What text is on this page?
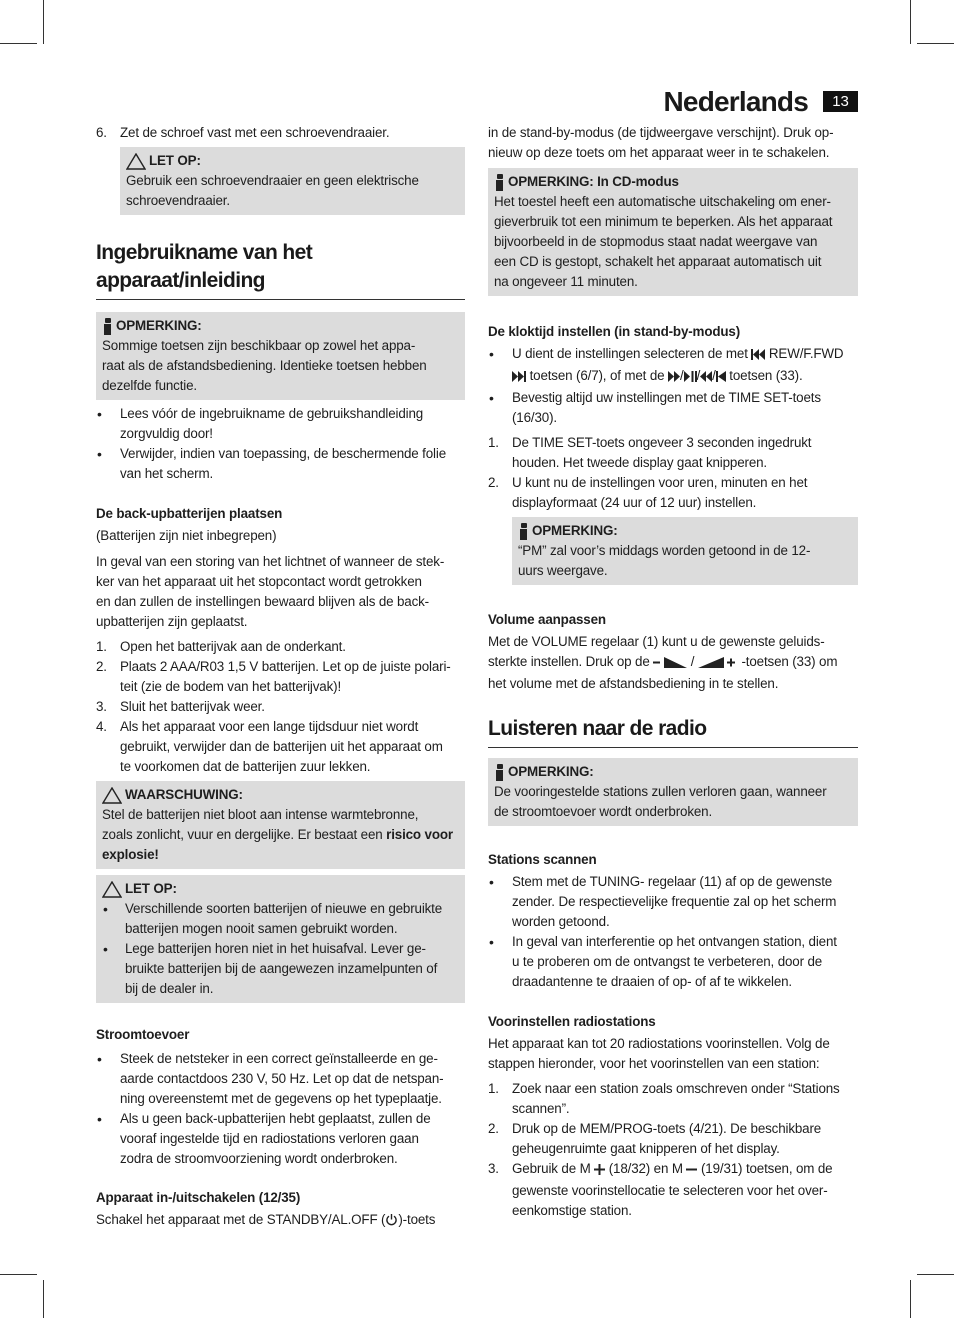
Nederlands	13
6. Zet de schroef vast met een schroevendraaier.
LET OP:
Gebruik een schroevendraaier en geen elektrische
schroevendraaier.
Ingebruikname van het apparaat/inleiding
OPMERKING:
Sommige toetsen zijn beschikbaar op zowel het appa-
raat als de afstandsbediening. Identieke toetsen hebben
dezelfde functie.
• Lees vóór de ingebruikname de gebruikshandleiding
zorgvuldig door!
• Verwijder, indien van toepassing, de beschermende folie
van het scherm.
De back-upbatterijen plaatsen
(Batterijen zijn niet inbegrepen)
In geval van een storing van het lichtnet of wanneer de stek-
ker van het apparaat uit het stopcontact wordt getrokken
en dan zullen de instellingen bewaard blijven als de back-
upbatterijen zijn geplaatst.
1. Open het batterijvak aan de onderkant.
2. Plaats 2 AAA/R03 1,5 V batterijen. Let op de juiste polari-
teit (zie de bodem van het batterijvak)!
3. Sluit het batterijvak weer.
4. Als het apparaat voor een lange tijdsduur niet wordt
gebruikt, verwijder dan de batterijen uit het apparaat om
te voorkomen dat de batterijen zuur lekken.
WAARSCHUWING:
Stel de batterijen niet bloot aan intense warmtebronne,
zoals zonlicht, vuur en dergelijke. Er bestaat een risico voor
explosie!
LET OP:
• Verschillende soorten batterijen of nieuwe en gebruikte
batterijen mogen nooit samen gebruikt worden.
• Lege batterijen horen niet in het huisafval. Lever ge-
bruikte batterijen bij de aangewezen inzamelpunten of
bij de dealer in.
Stroomtoevoer
• Steek de netsteker in een correct geïnstalleerde en ge-
aarde contactdoos 230 V, 50 Hz. Let op dat de netspan-
ning overeenstemt met de gegevens op het typeplaatje.
• Als u geen back-upbatterijen hebt geplaatst, zullen de
vooraf ingestelde tijd en radiostations verloren gaan
zodra de stroomvoorziening wordt onderbroken.
Apparaat in-/uitschakelen (12/35)
Schakel het apparaat met de STANDBY/AL.OFF ( )-toets
in de stand-by-modus (de tijdweergave verschijnt). Druk op-
nieuw op deze toets om het apparaat weer in te schakelen.
OPMERKING: In CD-modus
Het toestel heeft een automatische uitschakeling om ener-
gieverbruik tot een minimum te beperken. Als het apparaat
bijvoorbeeld in de stopmodus staat nadat weergave van
een CD is gestopt, schakelt het apparaat automatisch uit
na ongeveer 11 minuten.
De kloktijd instellen (in stand-by-modus)
• U dient de instellingen selecteren de met  REW/F.FWD
toetsen (6/7), of met de / / / toetsen (33).
• Bevestig altijd uw instellingen met de TIME SET-toets
(16/30).
1. De TIME SET-toets ongeveer 3 seconden ingedrukt
houden. Het tweede display gaat knipperen.
2. U kunt nu de instellingen voor uren, minuten en het
displayformaat (24 uur of 12 uur) instellen.
OPMERKING:
“PM” zal voor’s middags worden getoond in de 12-
uurs weergave.
Volume aanpassen
Met de VOLUME regelaar (1) kunt u de gewenste geluids-
sterkte instellen. Druk op de	/	-toetsen (33) om
het volume met de afstandsbediening in te stellen.
Luisteren naar de radio
OPMERKING:
De vooringestelde stations zullen verloren gaan, wanneer
de stroomtoevoer wordt onderbroken.
Stations scannen
• Stem met de TUNING- regelaar (11) af op de gewenste
zender. De respectievelijke frequentie zal op het scherm
worden getoond.
• In geval van interferentie op het ontvangen station, dient
u te proberen om de ontvangst te verbeteren, door de
draadantenne te draaien of op- of af te wikkelen.
Voorinstellen radiostations
Het apparaat kan tot 20 radiostations voorinstellen. Volg de
stappen hieronder, voor het voorinstellen van een station:
1. Zoek naar een station zoals omschreven onder “Stations
scannen”.
2. Druk op de MEM/PROG-toets (4/21). De beschikbare
geheugenruimte gaat knipperen of het display.
3. Gebruik de M  (18/32) en M  (19/31) toetsen, om de
gewenste voorinstellocatie te selecteren voor het over-
eenkomstige station.
